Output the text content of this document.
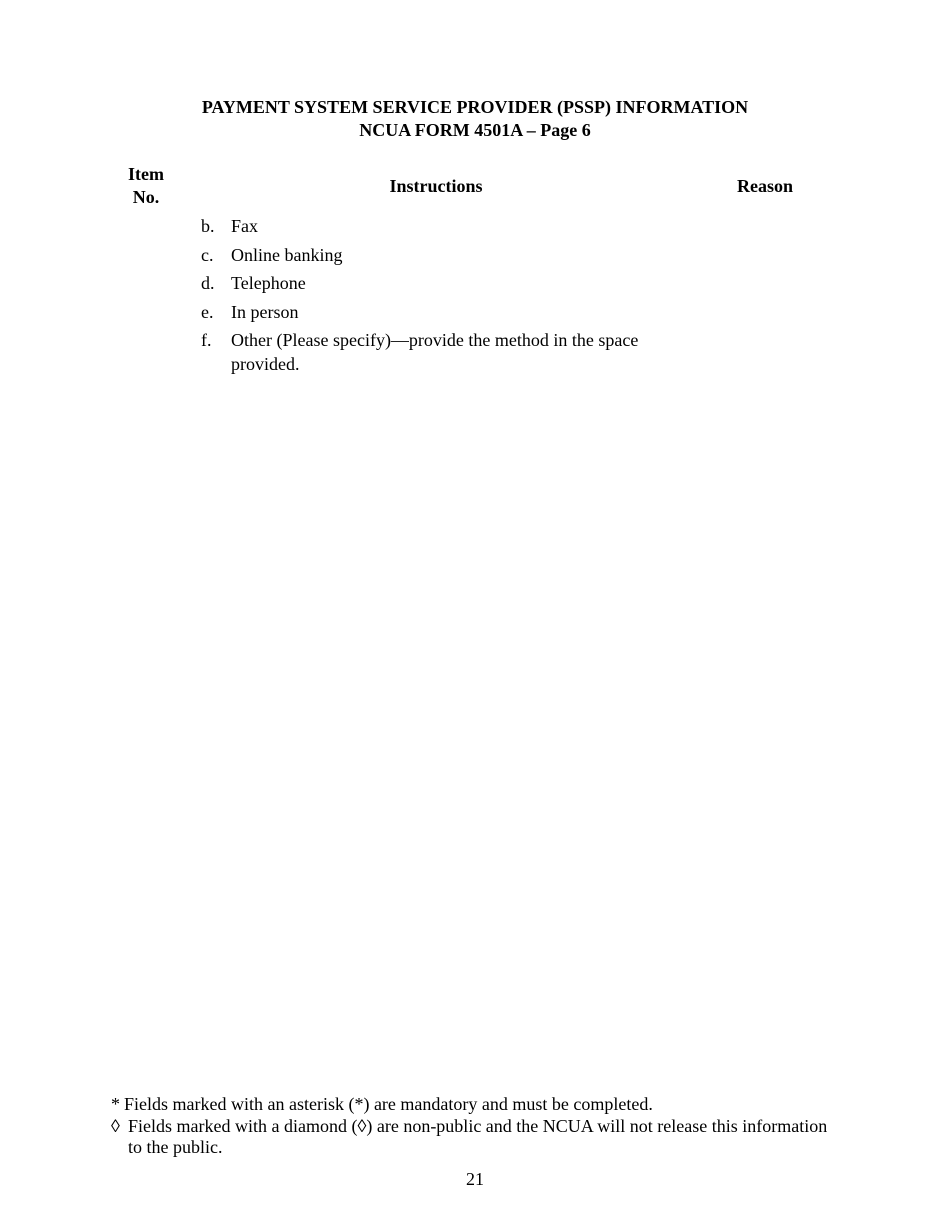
PAYMENT SYSTEM SERVICE PROVIDER (PSSP) INFORMATION
NCUA FORM 4501A – Page 6
Item
No.
Instructions	Reason
b. Fax
c. Online banking
d. Telephone
e. In person
f.	Other (Please specify)—provide the method in the space provided.
* Fields marked with an asterisk (*) are mandatory and must be completed.
◊ Fields marked with a diamond (◊) are non-public and the NCUA will not release this information to the public.
21
